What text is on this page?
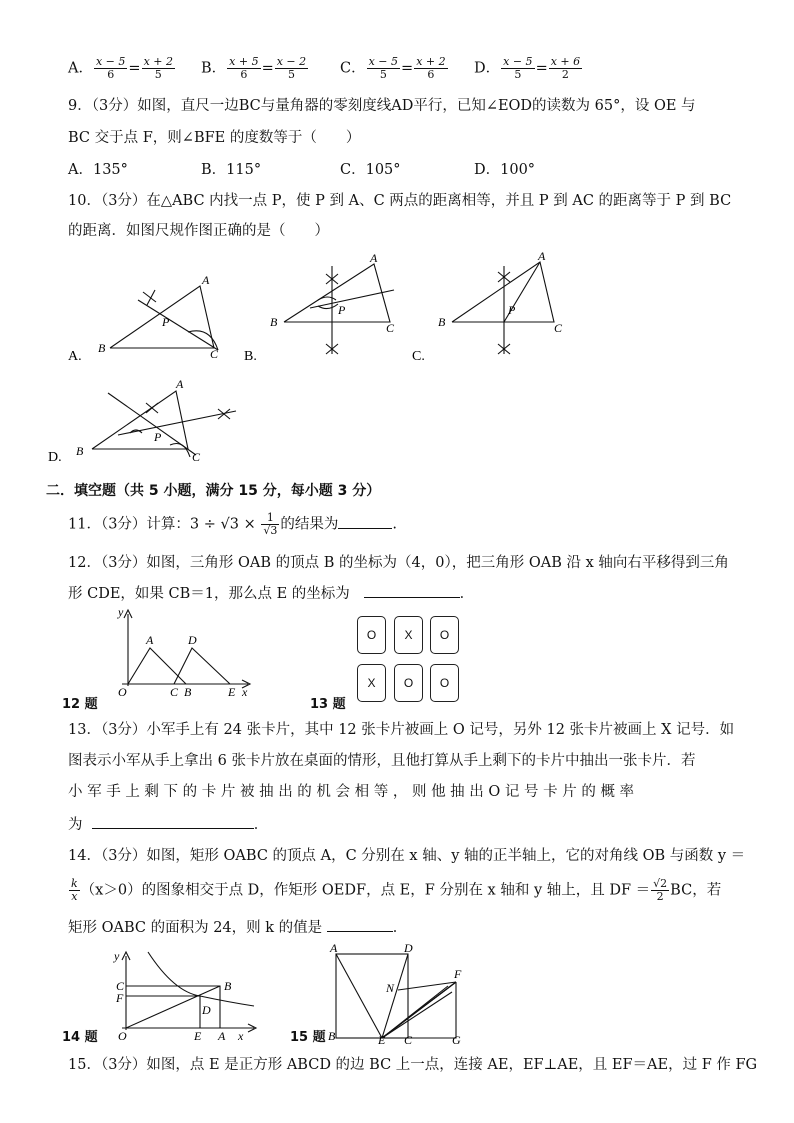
A． $\frac{x - 5}{6} = \frac{x + 2}{5}$ B． $\frac{x + 5}{6} = \frac{x - 2}{5}$ C． $\frac{x - 5}{5} = \frac{x + 2}{6}$ D． $\frac{x - 5}{5} = \frac{x + 6}{2}$
9．（3分）如图，直尺一边BC与量角器的零刻度线AD平行，已知∠EOD的读数为 65°，设 OE 与
BC 交于点 F，则∠BFE 的度数等于（　　）
A．135°	B．115°	C．105°	D．100°
10．（3分）在△ABC 内找一点 P，使 P 到 A、C 两点的距离相等，并且 P 到 AC 的距离等于 P 到 BC
的距离．如图尺规作图正确的是（　　）
A
P
B	C
A
P
B	C
A
P
B	C
A.	B.	C.
A
P
B	C
D.
二．填空题（共 5 小题，满分 15 分，每小题 3 分）
11．（3分）计算：$3 \div √3 \times \frac{1}{√3}$ 的结果为	.
12．（3分）如图，三角形 OAB 的顶点 B 的坐标为（4，0），把三角形 OAB 沿 x 轴向右平移得到三角
形 CDE，如果 CB＝1，那么点 E 的坐标为	．
y
A	D
O	C B	E x
12 题
O	X	O
X	O	O
13 题
13．（3分）小军手上有 24 张卡片，其中 12 张卡片被画上 O 记号，另外 12 张卡片被画上 X 记号．如
图表示小军从手上拿出 6 张卡片放在桌面的情形，且他打算从手上剩下的卡片中抽出一张卡片．若
小 军 手 上 剩 下 的 卡 片 被 抽 出 的 机 会 相 等 ， 则 他 抽 出 O 记 号 卡 片 的 概 率
为	．
14．（3分）如图，矩形 OABC 的顶点 A，C 分别在 x 轴、y 轴的正半轴上，它的对角线 OB 与函数 y ＝
$\frac{k}{x} (x>0)$的图象相交于点 D，作矩形 OEDF，点 E，F 分别在 x 轴和 y 轴上，且 DF ＝ $\frac{√2}{2}$ BC，若
矩形 OABC 的面积为 24，则 k 的值是	．
y
C
F
B
D
O	E A x
14 题
A	D
F
N
B	E C	G
15 题
15．（3分）如图，点 E 是正方形 ABCD 的边 BC 上一点，连接 AE，EF⊥AE，且 EF＝AE，过 F 作 FG
